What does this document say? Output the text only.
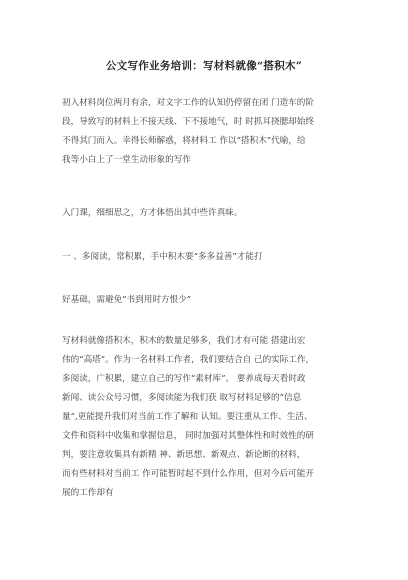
公文写作业务培训：写材料就像“搭积木”
初入材料岗位两月有余，对文字工作的认知仍停留在闭 门造车的阶
段，导致写的材料上不接天线、下不接地气，时 时抓耳挠腮却始终
不得其门而入。幸得长师解惑，将材料工 作以“搭积木”代喻，给
我等小白上了一堂生动形象的写作
入门课，细细思之，方才体悟出其中些许真味。
一 、多阅读，常积累，手中积木要“多多益善”才能打
好基础，需避免“书到用时方恨少”
写材料就像搭积木，积木的数量足够多，我们才有可能 搭建出宏
伟的“高塔”。作为一名材料工作者，我们要结合自 己的实际工作，
多阅读，广积累，建立自己的写作“素材库”。 要养成每天看时政
新闻、读公众号习惯，多阅读能为我们获 取写材料足够的“信息
量”,更能提升我们对当前工作了解和 认知。要注重从工作、生活、
文件和资料中收集和掌握信息， 同时加强对其整体性和时效性的研
判，要注意收集具有新精 神、新思想、新观点、新论断的材料，
而有些材料对当前工 作可能暂时起不到什么作用，但对今后可能开
展的工作却有
